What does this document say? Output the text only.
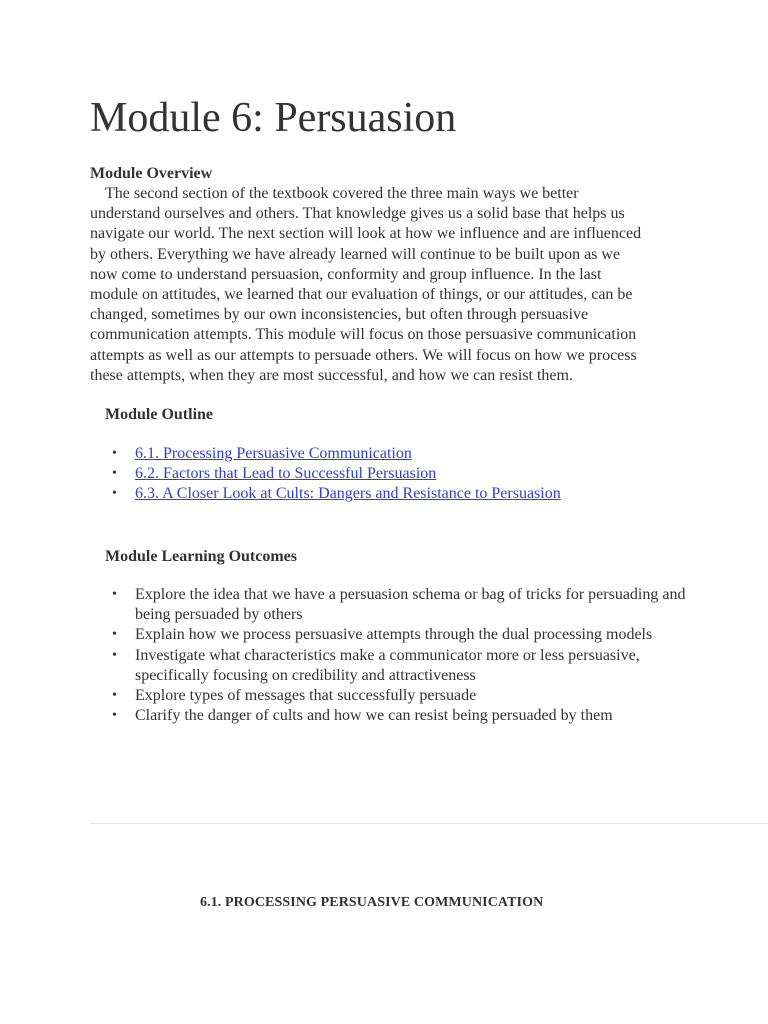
Module 6: Persuasion
Module Overview
The second section of the textbook covered the three main ways we better
understand ourselves and others. That knowledge gives us a solid base that helps us
navigate our world. The next section will look at how we influence and are influenced
by others. Everything we have already learned will continue to be built upon as we
now come to understand persuasion, conformity and group influence. In the last
module on attitudes, we learned that our evaluation of things, or our attitudes, can be
changed, sometimes by our own inconsistencies, but often through persuasive
communication attempts. This module will focus on those persuasive communication
attempts as well as our attempts to persuade others. We will focus on how we process
these attempts, when they are most successful, and how we can resist them.
Module Outline
•	6.1. Processing Persuasive Communication
•	6.2. Factors that Lead to Successful Persuasion
•	6.3. A Closer Look at Cults: Dangers and Resistance to Persuasion
Module Learning Outcomes
•	Explore the idea that we have a persuasion schema or bag of tricks for persuading and being persuaded by others
•	Explain how we process persuasive attempts through the dual processing models
•	Investigate what characteristics make a communicator more or less persuasive, specifically focusing on credibility and attractiveness
•	Explore types of messages that successfully persuade
•	Clarify the danger of cults and how we can resist being persuaded by them
6.1. PROCESSING PERSUASIVE COMMUNICATION
